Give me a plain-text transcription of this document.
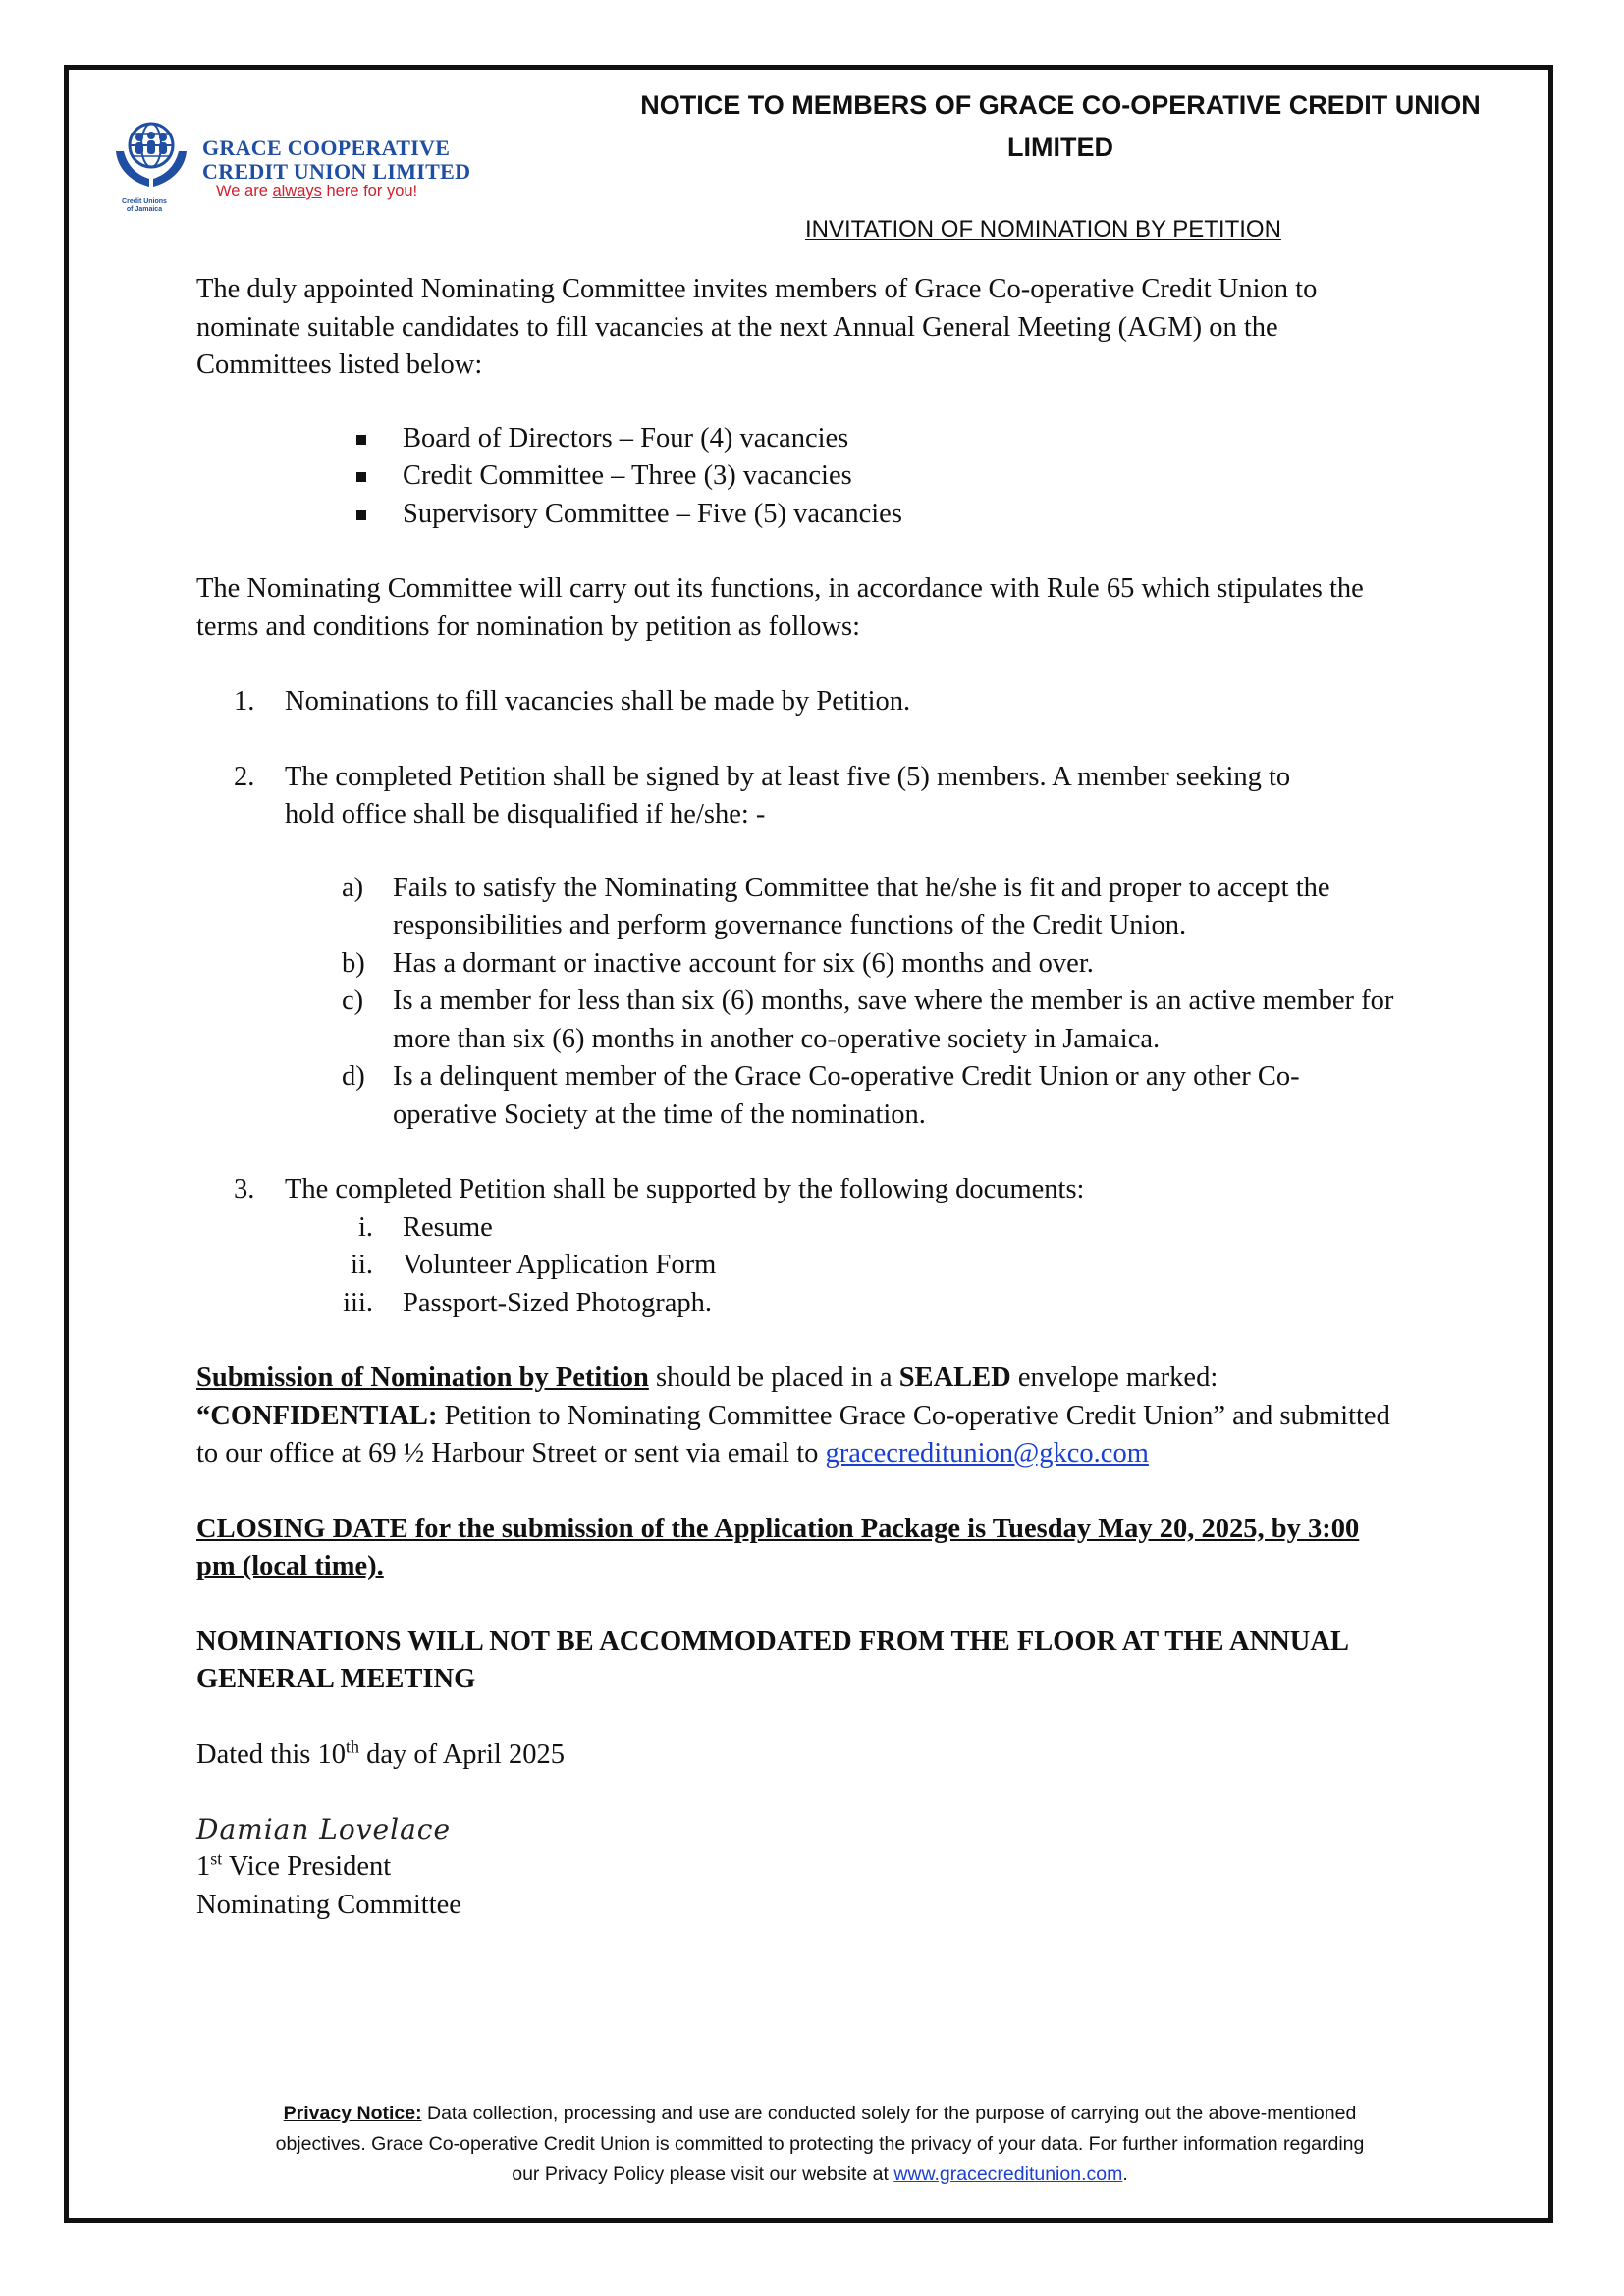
Credit Unions
of Jamaica
GRACE COOPERATIVE
CREDIT UNION LIMITED
We are always here for you!
NOTICE TO MEMBERS OF GRACE CO-OPERATIVE CREDIT UNION
LIMITED
INVITATION OF NOMINATION BY PETITION

The duly appointed Nominating Committee invites members of Grace Co-operative Credit Union to nominate suitable candidates to fill vacancies at the next Annual General Meeting (AGM) on the Committees listed below:

Board of Directors – Four (4) vacancies
Credit Committee – Three (3) vacancies
Supervisory Committee – Five (5) vacancies

The Nominating Committee will carry out its functions, in accordance with Rule 65 which stipulates the terms and conditions for nomination by petition as follows:

1. Nominations to fill vacancies shall be made by Petition.
2. The completed Petition shall be signed by at least five (5) members. A member seeking to hold office shall be disqualified if he/she: -
a) Fails to satisfy the Nominating Committee that he/she is fit and proper to accept the responsibilities and perform governance functions of the Credit Union.
b) Has a dormant or inactive account for six (6) months and over.
c) Is a member for less than six (6) months, save where the member is an active member for more than six (6) months in another co-operative society in Jamaica.
d) Is a delinquent member of the Grace Co-operative Credit Union or any other Co-operative Society at the time of the nomination.
3. The completed Petition shall be supported by the following documents:
i. Resume
ii. Volunteer Application Form
iii. Passport-Sized Photograph.

Submission of Nomination by Petition should be placed in a SEALED envelope marked: “CONFIDENTIAL: Petition to Nominating Committee Grace Co-operative Credit Union” and submitted to our office at 69 ½ Harbour Street or sent via email to gracecreditunion@gkco.com

CLOSING DATE for the submission of the Application Package is Tuesday May 20, 2025, by 3:00 pm (local time).

NOMINATIONS WILL NOT BE ACCOMMODATED FROM THE FLOOR AT THE ANNUAL GENERAL MEETING

Dated this 10th day of April 2025

Damian Lovelace

1st Vice President

Nominating Committee

Privacy Notice: Data collection, processing and use are conducted solely for the purpose of carrying out the above-mentioned objectives. Grace Co-operative Credit Union is committed to protecting the privacy of your data. For further information regarding our Privacy Policy please visit our website at www.gracecreditunion.com.
